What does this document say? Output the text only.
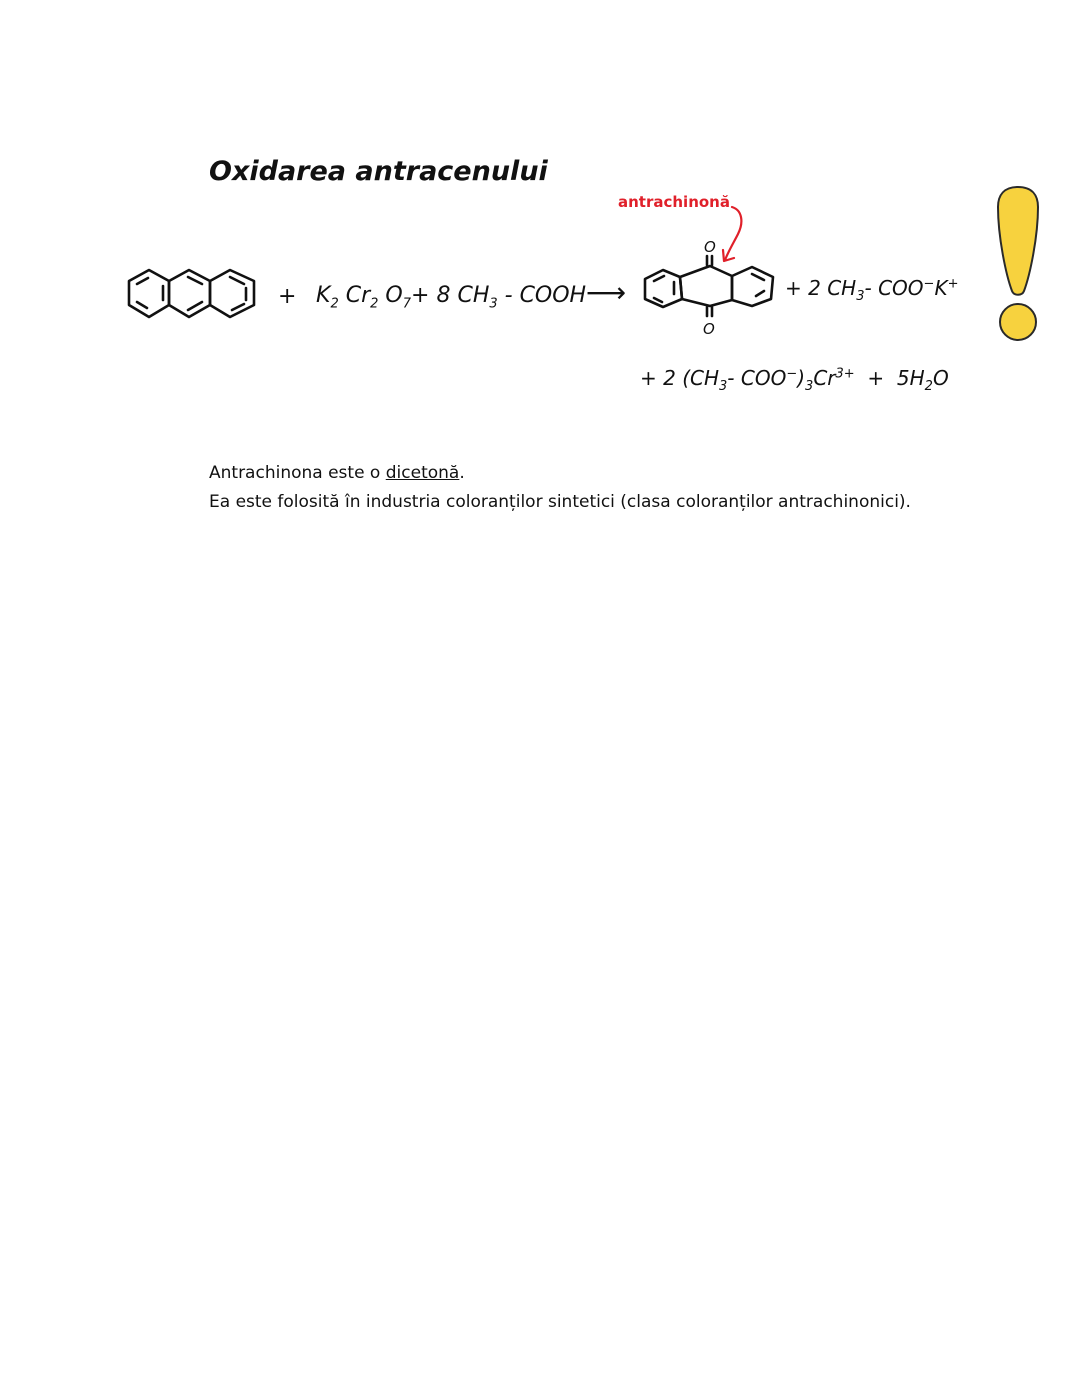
Oxidarea antracenului
+ $K_2$ $Cr_2$ $O_7+ 8$ $CH_3$ - COOH ⟶
antrachinonă
O
O
+ 2 $CH_3-$ COO−K+
+ 2 ($CH_3-$ $COO^-)_3Cr^{3+} + 5H_2O$
Antrachinona este o dicetonă.
Ea este folosită în industria coloranților sintetici (clasa coloranților antrachinonici).
